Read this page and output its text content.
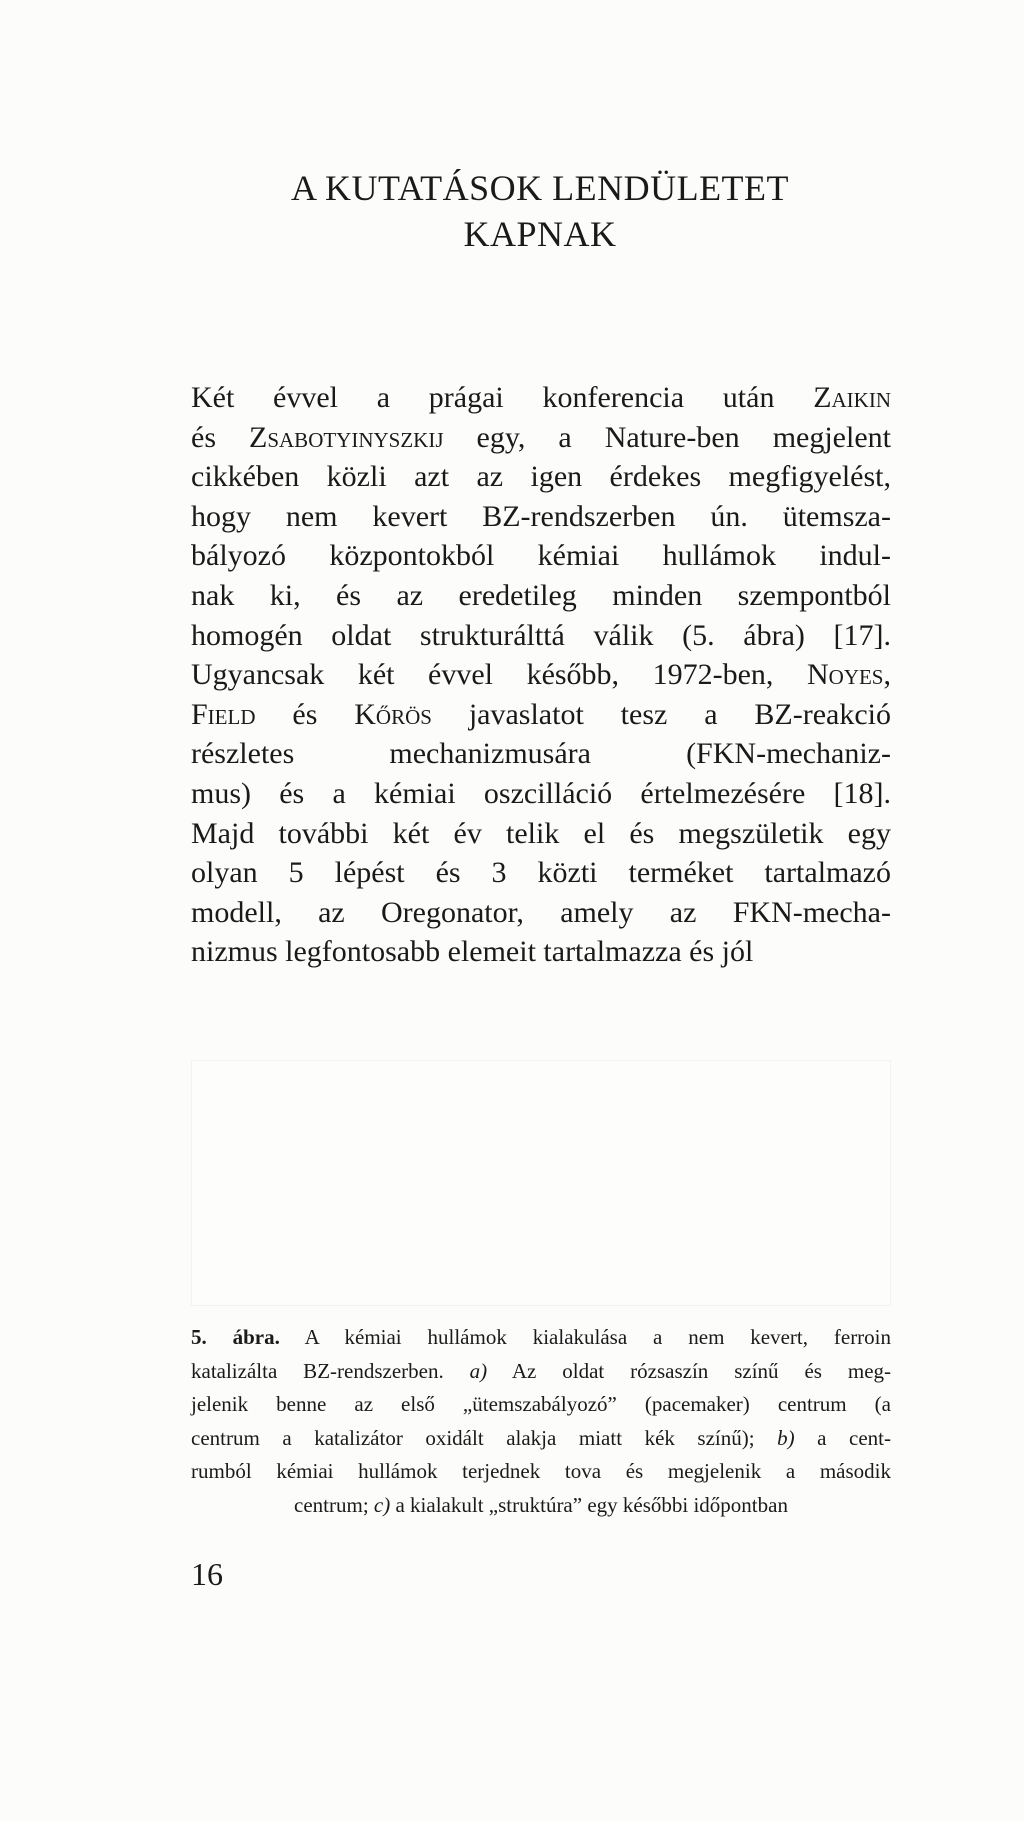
A KUTATÁSOK LENDÜLETET
KAPNAK
Két évvel a prágai konferencia után Zaikin
és Zsabotyinyszkij egy, a Nature-ben megjelent
cikkében közli azt az igen érdekes megfigyelést,
hogy nem kevert BZ-rendszerben ún. ütemsza-
bályozó központokból kémiai hullámok indul-
nak ki, és az eredetileg minden szempontból
homogén oldat strukturálttá válik (5. ábra) [17].
Ugyancsak két évvel később, 1972-ben, Noyes,
Field és Kőrös javaslatot tesz a BZ-reakció
részletes mechanizmusára (FKN-mechaniz-
mus) és a kémiai oszcilláció értelmezésére [18].
Majd további két év telik el és megszületik egy
olyan 5 lépést és 3 közti terméket tartalmazó
modell, az Oregonator, amely az FKN-mecha-
nizmus legfontosabb elemeit tartalmazza és jól
5. ábra. A kémiai hullámok kialakulása a nem kevert, ferroin
katalizálta BZ-rendszerben. a) Az oldat rózsaszín színű és meg-
jelenik benne az első „ütemszabályozó” (pacemaker) centrum (a
centrum a katalizátor oxidált alakja miatt kék színű); b) a cent-
rumból kémiai hullámok terjednek tova és megjelenik a második
centrum; c) a kialakult „struktúra” egy későbbi időpontban

16
